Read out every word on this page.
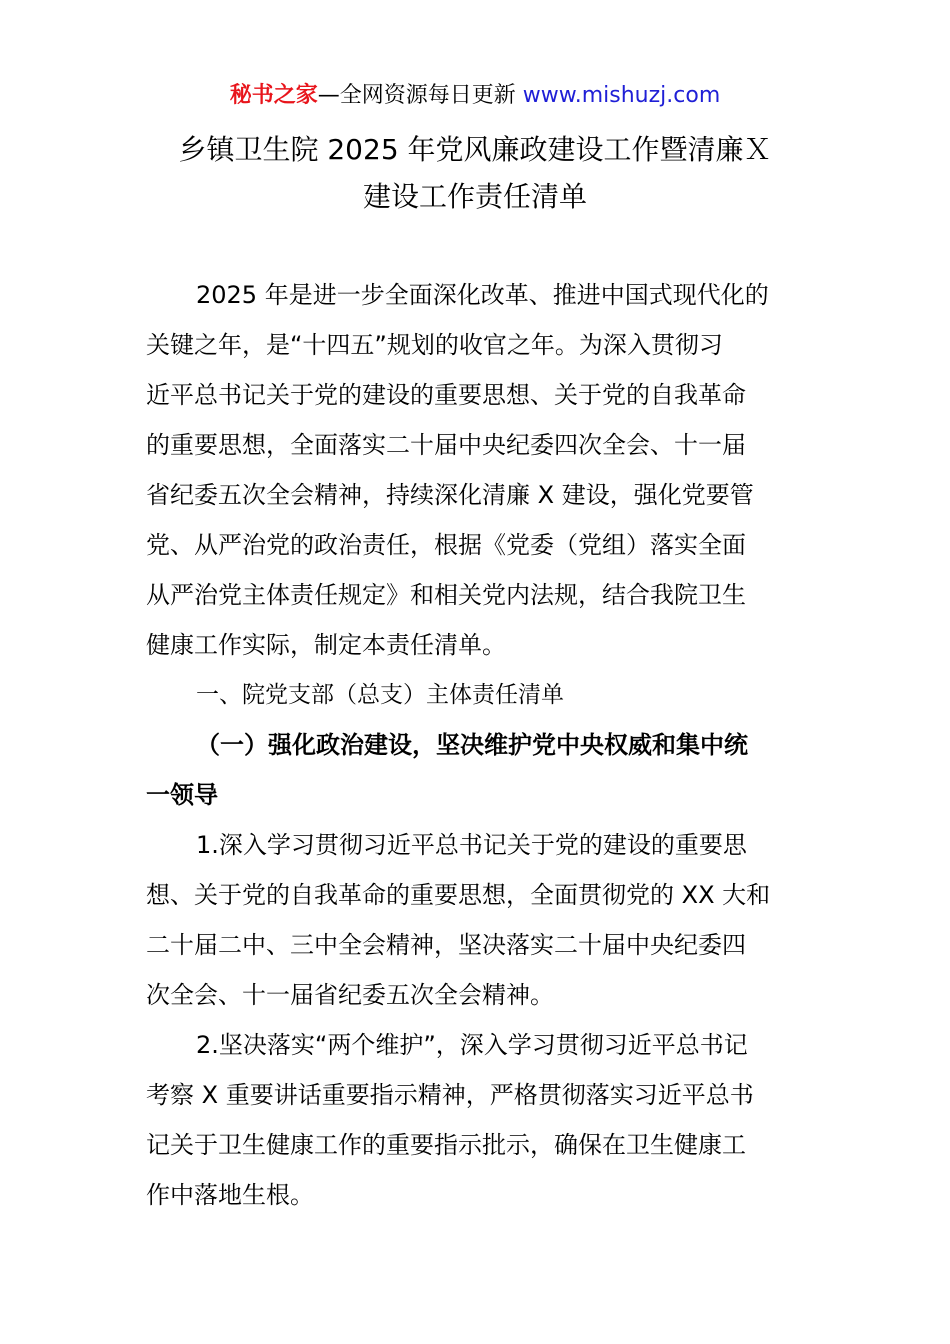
秘书之家—全网资源每日更新 www.mishuzj.com
乡镇卫生院 2025 年党风廉政建设工作暨清廉Ｘ
建设工作责任清单
2025 年是进一步全面深化改革、推进中国式现代化的
关键之年，是“十四五”规划的收官之年。为深入贯彻习
近平总书记关于党的建设的重要思想、关于党的自我革命
的重要思想，全面落实二十届中央纪委四次全会、十一届
省纪委五次全会精神，持续深化清廉 X 建设，强化党要管
党、从严治党的政治责任，根据《党委（党组）落实全面
从严治党主体责任规定》和相关党内法规，结合我院卫生
健康工作实际，制定本责任清单。
一、院党支部（总支）主体责任清单
（一）强化政治建设，坚决维护党中央权威和集中统
一领导
1.深入学习贯彻习近平总书记关于党的建设的重要思
想、关于党的自我革命的重要思想，全面贯彻党的 XX 大和
二十届二中、三中全会精神，坚决落实二十届中央纪委四
次全会、十一届省纪委五次全会精神。
2.坚决落实“两个维护”，深入学习贯彻习近平总书记
考察 X 重要讲话重要指示精神，严格贯彻落实习近平总书
记关于卫生健康工作的重要指示批示，确保在卫生健康工
作中落地生根。
